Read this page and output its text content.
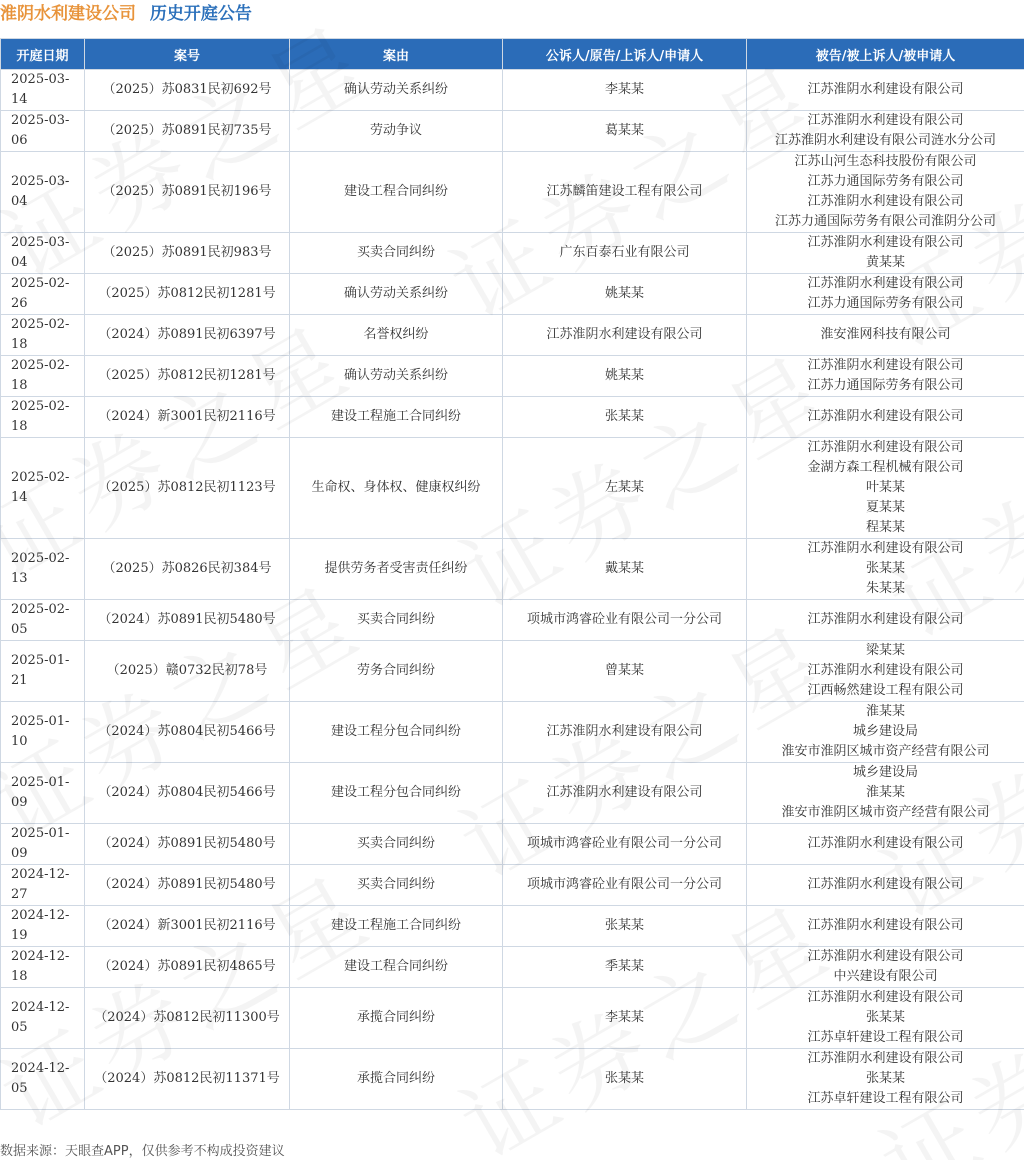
淮阴水利建设公司 历史开庭公告
开庭日期	案号	案由	公诉人/原告/上诉人/申请人	被告/被上诉人/被申请人
2025-03-14	（2025）苏0831民初692号	确认劳动关系纠纷	李某某	江苏淮阴水利建设有限公司

2025-03-06	（2025）苏0891民初735号	劳动争议	葛某某	江苏淮阴水利建设有限公司
江苏淮阴水利建设有限公司涟水分公司

2025-03-04	（2025）苏0891民初196号	建设工程合同纠纷	江苏麟笛建设工程有限公司	江苏山河生态科技股份有限公司
江苏力通国际劳务有限公司
江苏淮阴水利建设有限公司
江苏力通国际劳务有限公司淮阴分公司

2025-03-04	（2025）苏0891民初983号	买卖合同纠纷	广东百泰石业有限公司	江苏淮阴水利建设有限公司
黄某某

2025-02-26	（2025）苏0812民初1281号	确认劳动关系纠纷	姚某某	江苏淮阴水利建设有限公司
江苏力通国际劳务有限公司

2025-02-18	（2024）苏0891民初6397号	名誉权纠纷	江苏淮阴水利建设有限公司	淮安淮网科技有限公司

2025-02-18	（2025）苏0812民初1281号	确认劳动关系纠纷	姚某某	江苏淮阴水利建设有限公司
江苏力通国际劳务有限公司

2025-02-18	（2024）新3001民初2116号	建设工程施工合同纠纷	张某某	江苏淮阴水利建设有限公司

2025-02-14	（2025）苏0812民初1123号	生命权、身体权、健康权纠纷	左某某	江苏淮阴水利建设有限公司
金湖方森工程机械有限公司
叶某某
夏某某
程某某

2025-02-13	（2025）苏0826民初384号	提供劳务者受害责任纠纷	戴某某	江苏淮阴水利建设有限公司
张某某
朱某某

2025-02-05	（2024）苏0891民初5480号	买卖合同纠纷	项城市鸿睿砼业有限公司一分公司	江苏淮阴水利建设有限公司

2025-01-21	（2025）赣0732民初78号	劳务合同纠纷	曾某某	梁某某
江苏淮阴水利建设有限公司
江西畅然建设工程有限公司

2025-01-10	（2024）苏0804民初5466号	建设工程分包合同纠纷	江苏淮阴水利建设有限公司	淮某某
城乡建设局
淮安市淮阴区城市资产经营有限公司

2025-01-09	（2024）苏0804民初5466号	建设工程分包合同纠纷	江苏淮阴水利建设有限公司	城乡建设局
淮某某
淮安市淮阴区城市资产经营有限公司

2025-01-09	（2024）苏0891民初5480号	买卖合同纠纷	项城市鸿睿砼业有限公司一分公司	江苏淮阴水利建设有限公司

2024-12-27	（2024）苏0891民初5480号	买卖合同纠纷	项城市鸿睿砼业有限公司一分公司	江苏淮阴水利建设有限公司

2024-12-19	（2024）新3001民初2116号	建设工程施工合同纠纷	张某某	江苏淮阴水利建设有限公司

2024-12-18	（2024）苏0891民初4865号	建设工程合同纠纷	季某某	江苏淮阴水利建设有限公司
中兴建设有限公司

2024-12-05	（2024）苏0812民初11300号	承揽合同纠纷	李某某	江苏淮阴水利建设有限公司
张某某
江苏卓轩建设工程有限公司

2024-12-05	（2024）苏0812民初11371号	承揽合同纠纷	张某某	江苏淮阴水利建设有限公司
张某某
江苏卓轩建设工程有限公司
数据来源：天眼查APP，仅供参考不构成投资建议
